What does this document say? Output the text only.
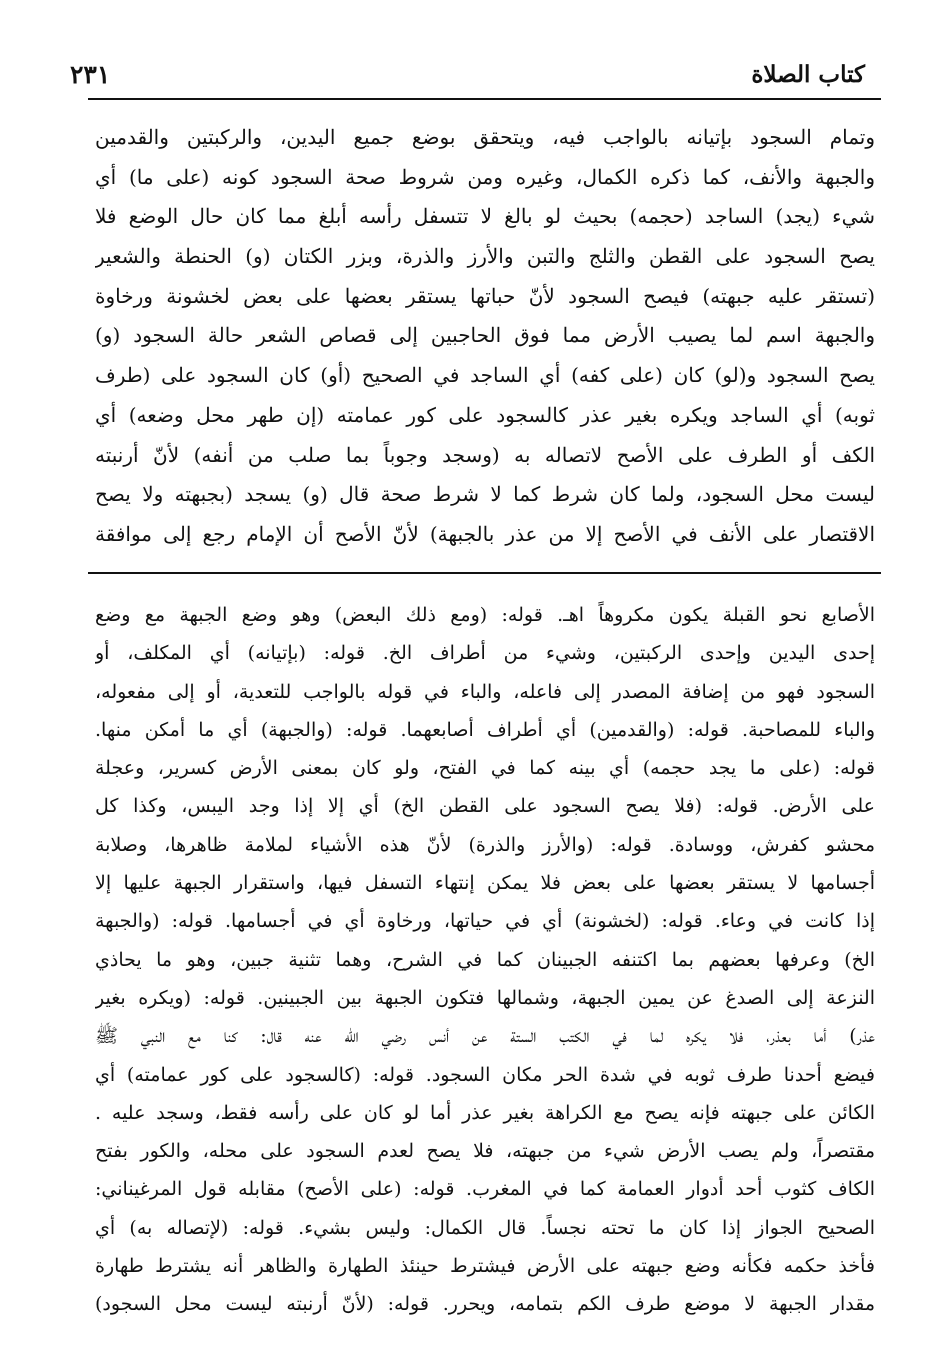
كتاب الصلاة
٢٣١
وتمام السجود بإتيانه بالواجب فيه، ويتحقق بوضع جميع اليدين، والركبتين والقدمين
والجبهة والأنف، كما ذكره الكمال، وغيره ومن شروط صحة السجود كونه (على ما) أي
شيء (يجد) الساجد (حجمه) بحيث لو بالغ لا تتسفل رأسه أبلغ مما كان حال الوضع فلا
يصح السجود على القطن والثلج والتبن والأرز والذرة، وبزر الكتان (و) الحنطة والشعير
(تستقر عليه جبهته) فيصح السجود لأنّ حباتها يستقر بعضها على بعض لخشونة ورخاوة
والجبهة اسم لما يصيب الأرض مما فوق الحاجبين إلى قصاص الشعر حالة السجود (و)
يصح السجود و(لو) كان (على كفه) أي الساجد في الصحيح (أو) كان السجود على (طرف
ثوبه) أي الساجد ويكره بغير عذر كالسجود على كور عمامته (إن طهر محل وضعه) أي
الكف أو الطرف على الأصح لاتصاله به (وسجد وجوباً بما صلب من أنفه) لأنّ أرنبته
ليست محل السجود، ولما كان شرط كما لا شرط صحة قال (و) يسجد (بجبهته ولا يصح
الاقتصار على الأنف في الأصح إلا من عذر بالجبهة) لأنّ الأصح أن الإمام رجع إلى موافقة
الأصابع نحو القبلة يكون مكروهاً اهـ. قوله: (ومع ذلك البعض) وهو وضع الجبهة مع وضع
إحدى اليدين وإحدى الركبتين، وشيء من أطراف الخ. قوله: (بإتيانه) أي المكلف، أو
السجود فهو من إضافة المصدر إلى فاعله، والباء في قوله بالواجب للتعدية، أو إلى مفعوله،
والباء للمصاحبة. قوله: (والقدمين) أي أطراف أصابعهما. قوله: (والجبهة) أي ما أمكن منها.
قوله: (على ما يجد حجمه) أي بينه كما في الفتح، ولو كان بمعنى الأرض كسرير، وعجلة
على الأرض. قوله: (فلا يصح السجود على القطن الخ) أي إلا إذا وجد اليبس، وكذا كل
محشو كفرش، ووسادة. قوله: (والأرز والذرة) لأنّ هذه الأشياء لملامة ظاهرها، وصلابة
أجسامها لا يستقر بعضها على بعض فلا يمكن إنتهاء التسفل فيها، واستقرار الجبهة عليها إلا
إذا كانت في وعاء. قوله: (لخشونة) أي في حياتها، ورخاوة أي في أجسامها. قوله: (والجبهة
الخ) وعرفها بعضهم بما اكتنفه الجبينان كما في الشرح، وهما تثنية جبين، وهو ما يحاذي
النزعة إلى الصدغ عن يمين الجبهة، وشمالها فتكون الجبهة بين الجبينين. قوله: (ويكره بغير
عذر) أما بعذر، فلا يكره لما في الكتب الستة عن أنس رضي الله عنه قال: كنا مع النبي ﷺ
فيضع أحدنا طرف ثوبه في شدة الحر مكان السجود. قوله: (كالسجود على كور عمامته) أي
الكائن على جبهته فإنه يصح مع الكراهة بغير عذر أما لو كان على رأسه فقط، وسجد عليه .
مقتصراً، ولم يصب الأرض شيء من جبهته، فلا يصح لعدم السجود على محله، والكور بفتح
الكاف كثوب أحد أدوار العمامة كما في المغرب. قوله: (على الأصح) مقابله قول المرغيناني:
الصحيح الجواز إذا كان ما تحته نجساً. قال الكمال: وليس بشيء. قوله: (لإتصاله به) أي
فأخذ حكمه فكأنه وضع جبهته على الأرض فيشترط حينئذ الطهارة والظاهر أنه يشترط طهارة
مقدار الجبهة لا موضع طرف الكم بتمامه، ويحرر. قوله: (لأنّ أرنبته ليست محل السجود)
